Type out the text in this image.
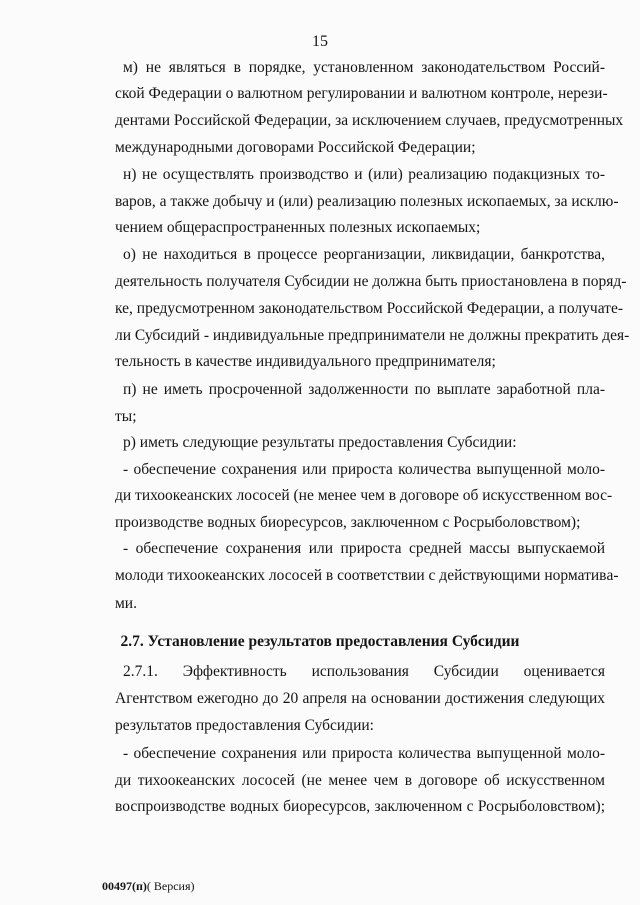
15
м) не являться в порядке, установленном законодательством Россий-
ской Федерации о валютном регулировании и валютном контроле, нерези-
дентами Российской Федерации, за исключением случаев, предусмотренных
международными договорами Российской Федерации;
н) не осуществлять производство и (или) реализацию подакцизных то-
варов, а также добычу и (или) реализацию полезных ископаемых, за исклю-
чением общераспространенных полезных ископаемых;
о) не находиться в процессе реорганизации, ликвидации, банкротства,
деятельность получателя Субсидии не должна быть приостановлена в поряд-
ке, предусмотренном законодательством Российской Федерации, а получате-
ли Субсидий - индивидуальные предприниматели не должны прекратить дея-
тельность в качестве индивидуального предпринимателя;
п) не иметь просроченной задолженности по выплате заработной пла-
ты;
р) иметь следующие результаты предоставления Субсидии:
- обеспечение сохранения или прироста количества выпущенной моло-
ди тихоокеанских лососей (не менее чем в договоре об искусственном вос-
производстве водных биоресурсов, заключенном с Росрыболовством);
- обеспечение сохранения или прироста средней массы выпускаемой
молоди тихоокеанских лососей в соответствии с действующими нормативa-
ми.
2.7. Установление результатов предоставления Субсидии
2.7.1. Эффективность использования Субсидии оценивается
Агентством ежегодно до 20 апреля на основании достижения следующих
результатов предоставления Субсидии:
- обеспечение сохранения или прироста количества выпущенной моло-
ди тихоокеанских лососей (не менее чем в договоре об искусственном
воспроизводстве водных биоресурсов, заключенном с Росрыболовством);
00497(п)( Версия)
